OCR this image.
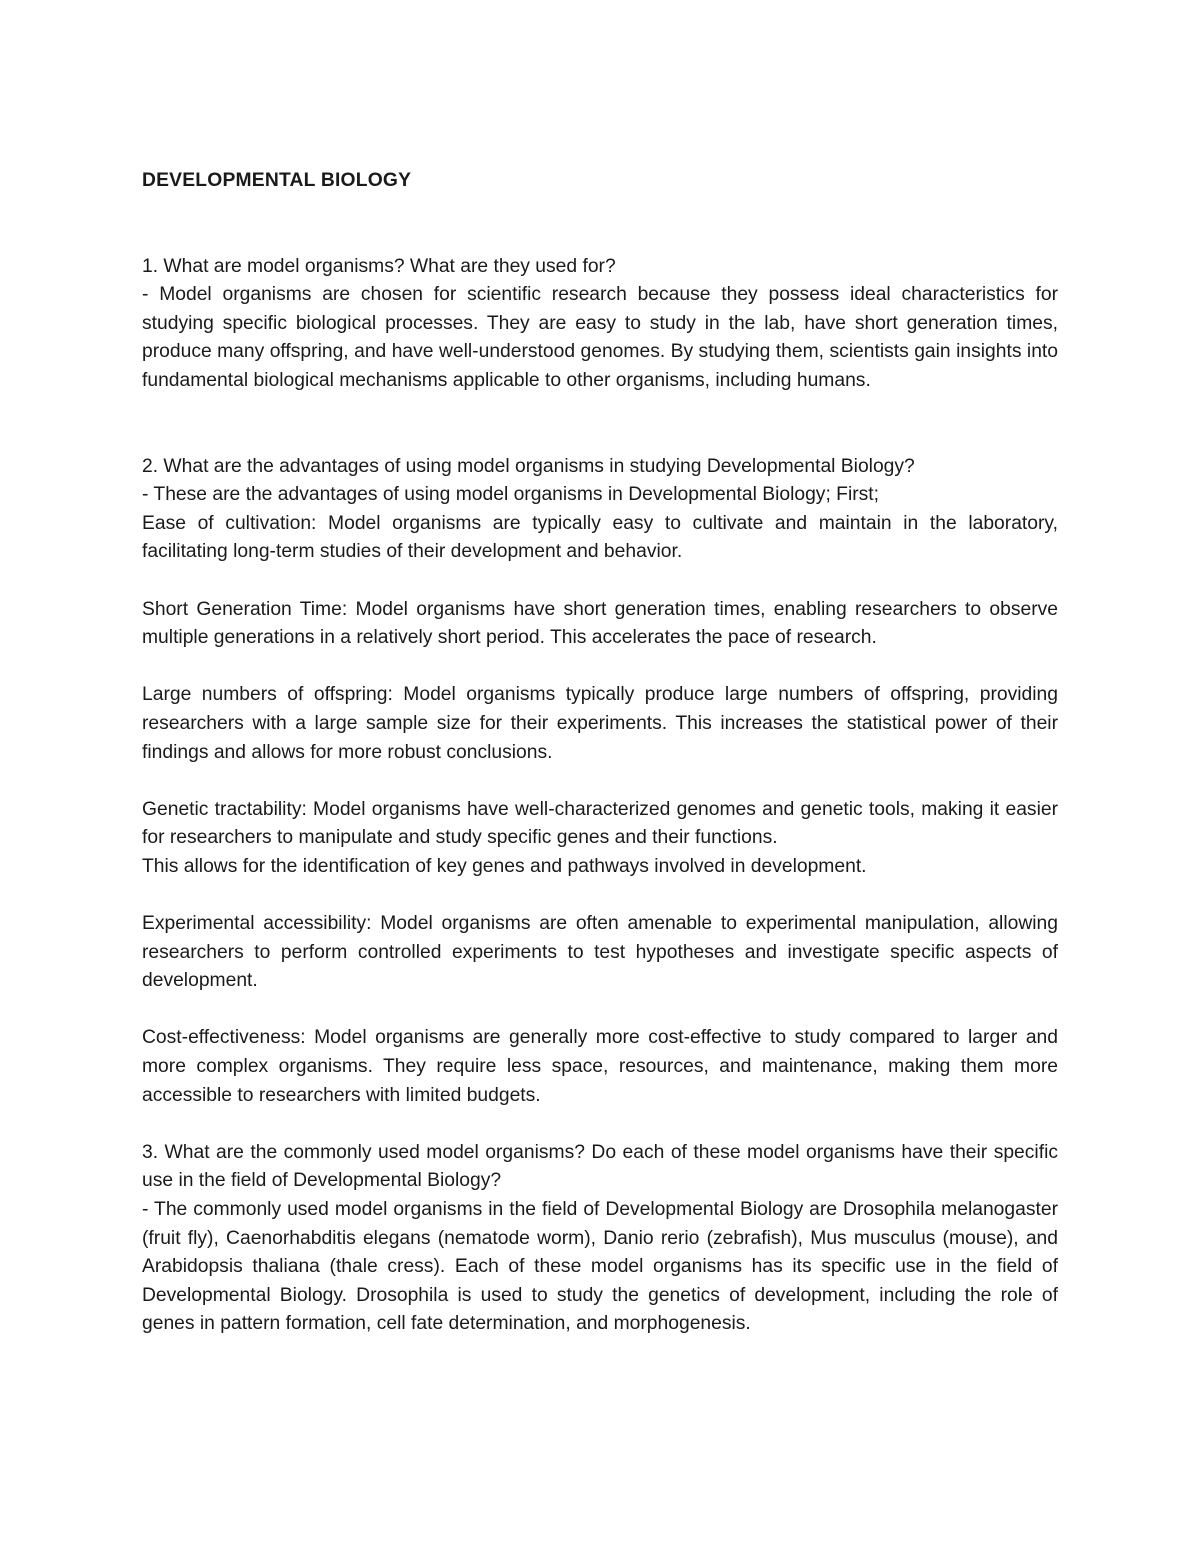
DEVELOPMENTAL BIOLOGY

1. What are model organisms? What are they used for?

- Model organisms are chosen for scientific research because they possess ideal characteristics for studying specific biological processes. They are easy to study in the lab, have short generation times, produce many offspring, and have well-understood genomes. By studying them, scientists gain insights into fundamental biological mechanisms applicable to other organisms, including humans.

2. What are the advantages of using model organisms in studying Developmental Biology?

- These are the advantages of using model organisms in Developmental Biology; First;

Ease of cultivation: Model organisms are typically easy to cultivate and maintain in the laboratory, facilitating long-term studies of their development and behavior.

Short Generation Time: Model organisms have short generation times, enabling researchers to observe multiple generations in a relatively short period. This accelerates the pace of research.

Large numbers of offspring: Model organisms typically produce large numbers of offspring, providing researchers with a large sample size for their experiments. This increases the statistical power of their findings and allows for more robust conclusions.

Genetic tractability: Model organisms have well-characterized genomes and genetic tools, making it easier for researchers to manipulate and study specific genes and their functions.

This allows for the identification of key genes and pathways involved in development.

Experimental accessibility: Model organisms are often amenable to experimental manipulation, allowing researchers to perform controlled experiments to test hypotheses and investigate specific aspects of development.

Cost-effectiveness: Model organisms are generally more cost-effective to study compared to larger and more complex organisms. They require less space, resources, and maintenance, making them more accessible to researchers with limited budgets.

3. What are the commonly used model organisms? Do each of these model organisms have their specific use in the field of Developmental Biology?

- The commonly used model organisms in the field of Developmental Biology are Drosophila melanogaster (fruit fly), Caenorhabditis elegans (nematode worm), Danio rerio (zebrafish), Mus musculus (mouse), and Arabidopsis thaliana (thale cress). Each of these model organisms has its specific use in the field of Developmental Biology. Drosophila is used to study the genetics of development, including the role of genes in pattern formation, cell fate determination, and morphogenesis.
